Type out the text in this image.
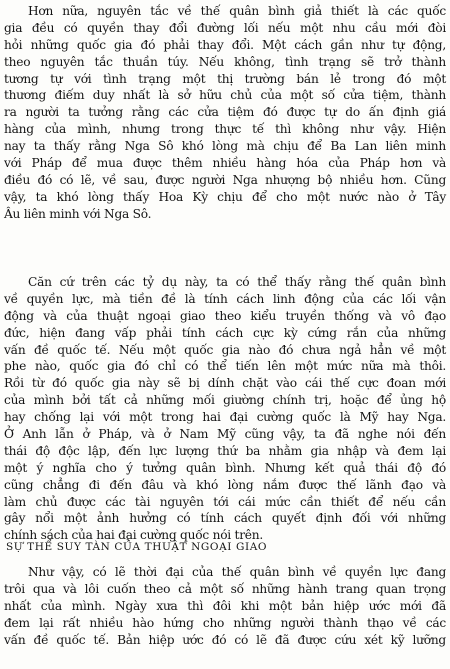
Hơn nữa, nguyên tắc về thế quân bình giả thiết là các quốc
gia đều có quyền thay đổi đường lối nếu một nhu cầu mới đòi
hỏi những quốc gia đó phải thay đổi. Một cách gần như tự động,
theo nguyên tắc thuần túy. Nếu không, tình trạng sẽ trở thành
tương tự với tình trạng một thị trường bán lẻ trong đó một
thương điếm duy nhất là sở hữu chủ của một số cửa tiệm, thành
ra người ta tưởng rằng các cửa tiệm đó được tự do ấn định giá
hàng của mình, nhưng trong thực tế thì không như vậy. Hiện
nay ta thấy rằng Nga Sô khó lòng mà chịu để Ba Lan liên minh
với Pháp để mua được thêm nhiều hàng hóa của Pháp hơn và
điều đó có lẽ, về sau, được người Nga nhượng bộ nhiều hơn. Cũng
vậy, ta khó lòng thấy Hoa Kỳ chịu để cho một nước nào ở Tây
Âu liên minh với Nga Sô.
Căn cứ trên các tỷ dụ này, ta có thể thấy rằng thế quân bình
về quyền lực, mà tiền đề là tính cách linh động của các lối vận
động và của thuật ngoại giao theo kiểu truyền thống và vô đạo
đức, hiện đang vấp phải tính cách cực kỳ cứng rắn của những
vấn đề quốc tế. Nếu một quốc gia nào đó chưa ngả hẳn về một
phe nào, quốc gia đó chỉ có thể tiến lên một mức nữa mà thôi.
Rồi từ đó quốc gia này sẽ bị dính chặt vào cái thế cực đoan mới
của mình bởi tất cả những mối giường chính trị, hoặc để ủng hộ
hay chống lại với một trong hai đại cường quốc là Mỹ hay Nga.
Ở Anh lẫn ở Pháp, và ở Nam Mỹ cũng vậy, ta đã nghe nói đến
thái độ độc lập, đến lực lượng thứ ba nhằm gia nhập và đem lại
một ý nghĩa cho ý tưởng quân bình. Nhưng kết quả thái độ đó
cũng chẳng đi đến đâu và khó lòng nắm được thế lãnh đạo và
làm chủ được các tài nguyên tới cái mức cần thiết để nếu cần
gây nổi một ảnh hưởng có tính cách quyết định đối với những
chính sách của hai đại cường quốc nói trên.
SỰ THỂ SUY TÀN CỦA THUẬT NGOẠI GIAO
Như vậy, có lẽ thời đại của thế quân bình về quyền lực đang
trôi qua và lôi cuốn theo cả một số những hành trang quan trọng
nhất của mình. Ngày xưa thì đôi khi một bản hiệp ước mới đã
đem lại rất nhiều hào hứng cho những người thành thạo về các
vấn đề quốc tế. Bản hiệp ước đó có lẽ đã được cứu xét kỹ lưỡng
